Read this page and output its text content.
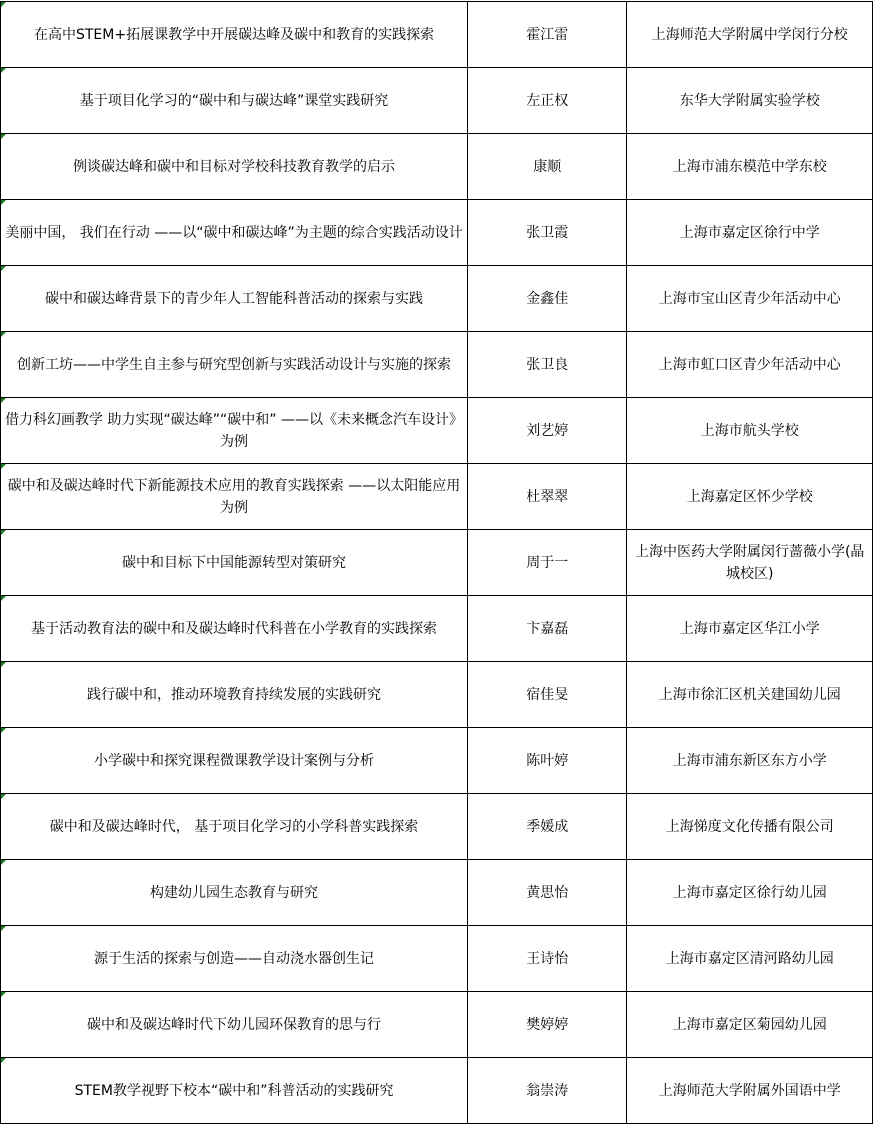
在高中STEM+拓展课教学中开展碳达峰及碳中和教育的实践探索	霍江雷	上海师范大学附属中学闵行分校

基于项目化学习的“碳中和与碳达峰”课堂实践研究	左正权	东华大学附属实验学校

例谈碳达峰和碳中和目标对学校科技教育教学的启示	康顺	上海市浦东模范中学东校

美丽中国， 我们在行动 ——以“碳中和碳达峰”为主题的综合实践活动设计	张卫霞	上海市嘉定区徐行中学

碳中和碳达峰背景下的青少年人工智能科普活动的探索与实践	金鑫佳	上海市宝山区青少年活动中心

创新工坊——中学生自主参与研究型创新与实践活动设计与实施的探索	张卫良	上海市虹口区青少年活动中心

借力科幻画教学 助力实现“碳达峰”“碳中和” ——以《未来概念汽车设计》为例	刘艺婷	上海市航头学校

碳中和及碳达峰时代下新能源技术应用的教育实践探索 ——以太阳能应用为例	杜翠翠	上海嘉定区怀少学校

碳中和目标下中国能源转型对策研究	周于一	上海中医药大学附属闵行蔷薇小学(晶城校区)

基于活动教育法的碳中和及碳达峰时代科普在小学教育的实践探索	卞嘉磊	上海市嘉定区华江小学

践行碳中和，推动环境教育持续发展的实践研究	宿佳旻	上海市徐汇区机关建国幼儿园

小学碳中和探究课程微课教学设计案例与分析	陈叶婷	上海市浦东新区东方小学

碳中和及碳达峰时代， 基于项目化学习的小学科普实践探索	季媛成	上海悌度文化传播有限公司

构建幼儿园生态教育与研究	黄思怡	上海市嘉定区徐行幼儿园

源于生活的探索与创造——自动浇水器创生记	王诗怡	上海市嘉定区清河路幼儿园

碳中和及碳达峰时代下幼儿园环保教育的思与行	樊婷婷	上海市嘉定区菊园幼儿园

STEM教学视野下校本“碳中和”科普活动的实践研究	翁崇涛	上海师范大学附属外国语中学
